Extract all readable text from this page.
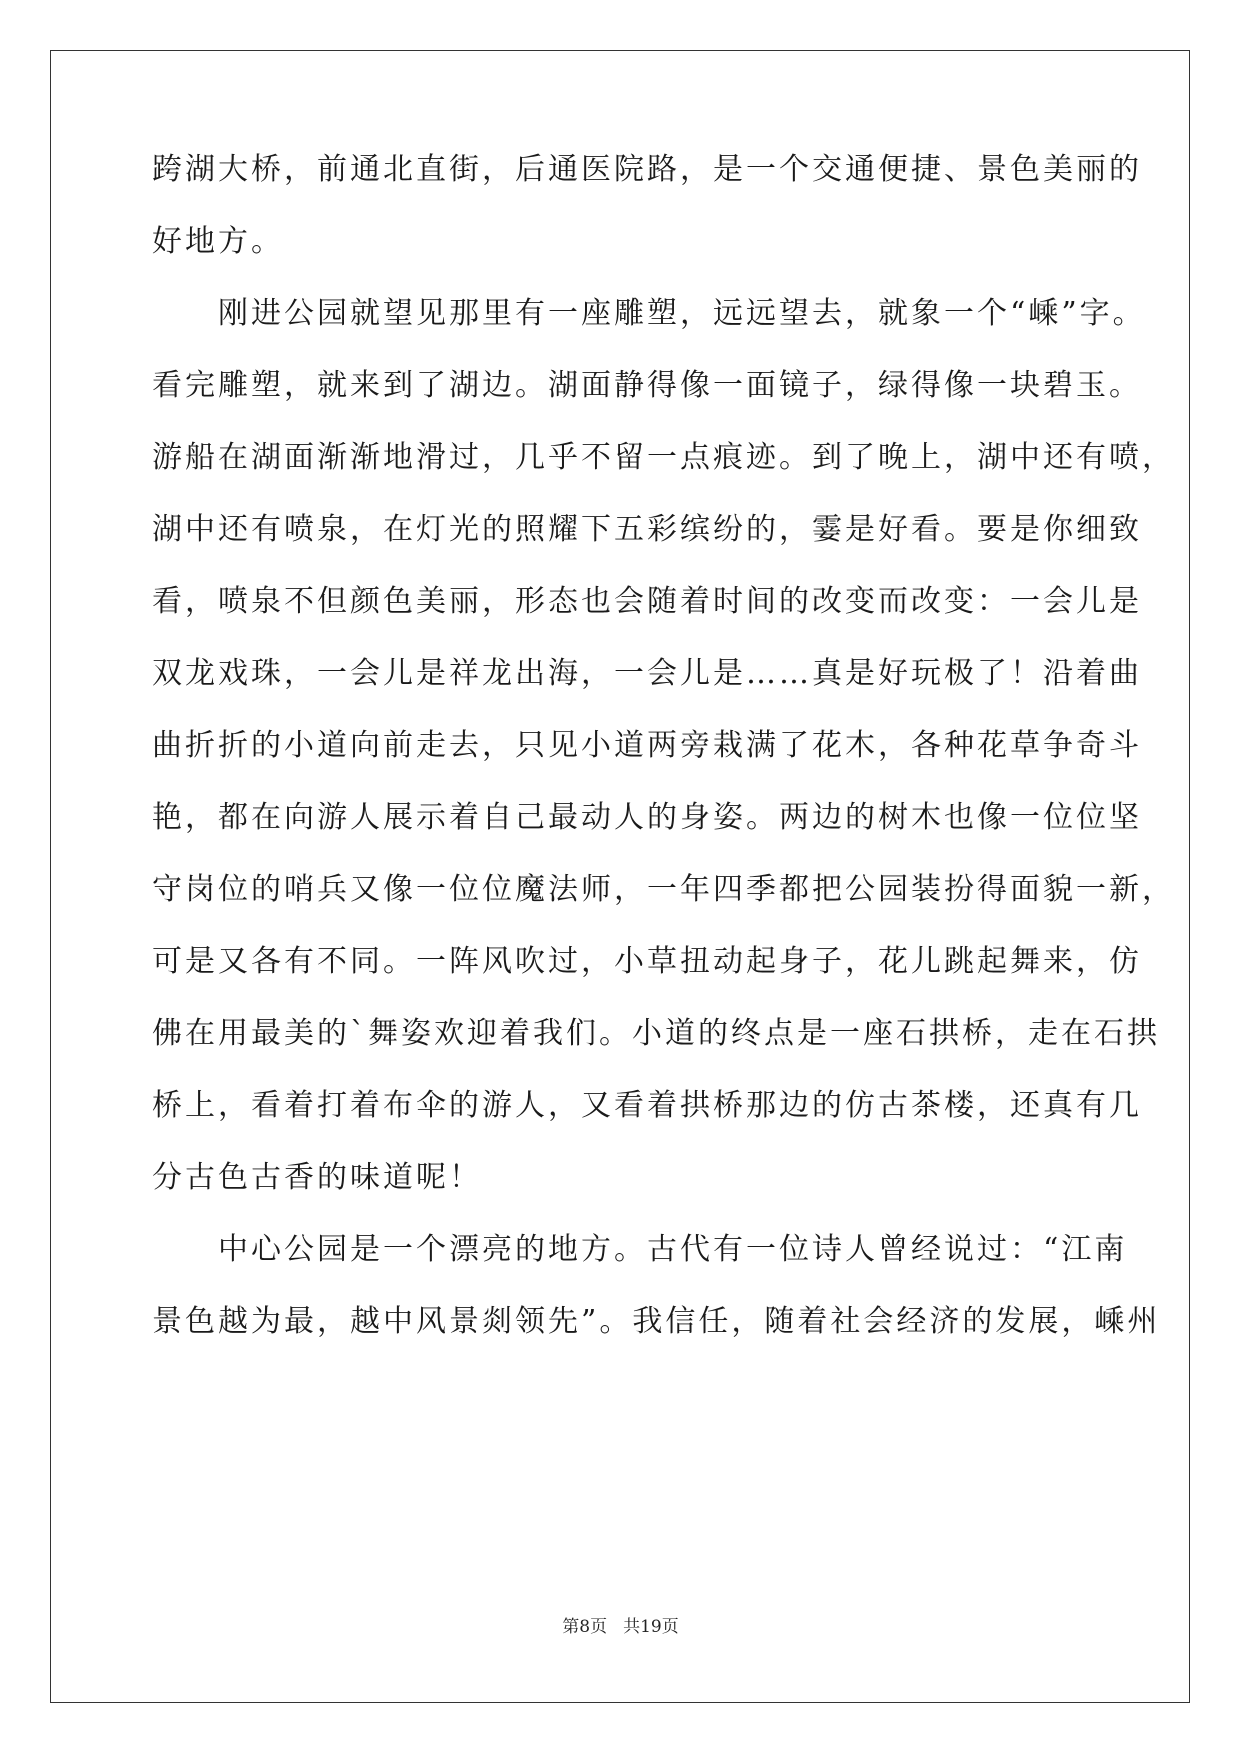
跨湖大桥，前通北直街，后通医院路，是一个交通便捷、景色美丽的
好地方。
　　刚进公园就望见那里有一座雕塑，远远望去，就象一个“嵊”字。
看完雕塑，就来到了湖边。湖面静得像一面镜子，绿得像一块碧玉。
游船在湖面渐渐地滑过，几乎不留一点痕迹。到了晚上，湖中还有喷，
湖中还有喷泉，在灯光的照耀下五彩缤纷的，霎是好看。要是你细致
看，喷泉不但颜色美丽，形态也会随着时间的改变而改变：一会儿是
双龙戏珠，一会儿是祥龙出海，一会儿是……真是好玩极了！沿着曲
曲折折的小道向前走去，只见小道两旁栽满了花木，各种花草争奇斗
艳，都在向游人展示着自己最动人的身姿。两边的树木也像一位位坚
守岗位的哨兵又像一位位魔法师，一年四季都把公园装扮得面貌一新，
可是又各有不同。一阵风吹过，小草扭动起身子，花儿跳起舞来，仿
佛在用最美的`舞姿欢迎着我们。小道的终点是一座石拱桥，走在石拱
桥上，看着打着布伞的游人，又看着拱桥那边的仿古茶楼，还真有几
分古色古香的味道呢！
　　中心公园是一个漂亮的地方。古代有一位诗人曾经说过：“江南
景色越为最，越中风景剡领先”。我信任，随着社会经济的发展，嵊州
第8页 共19页
